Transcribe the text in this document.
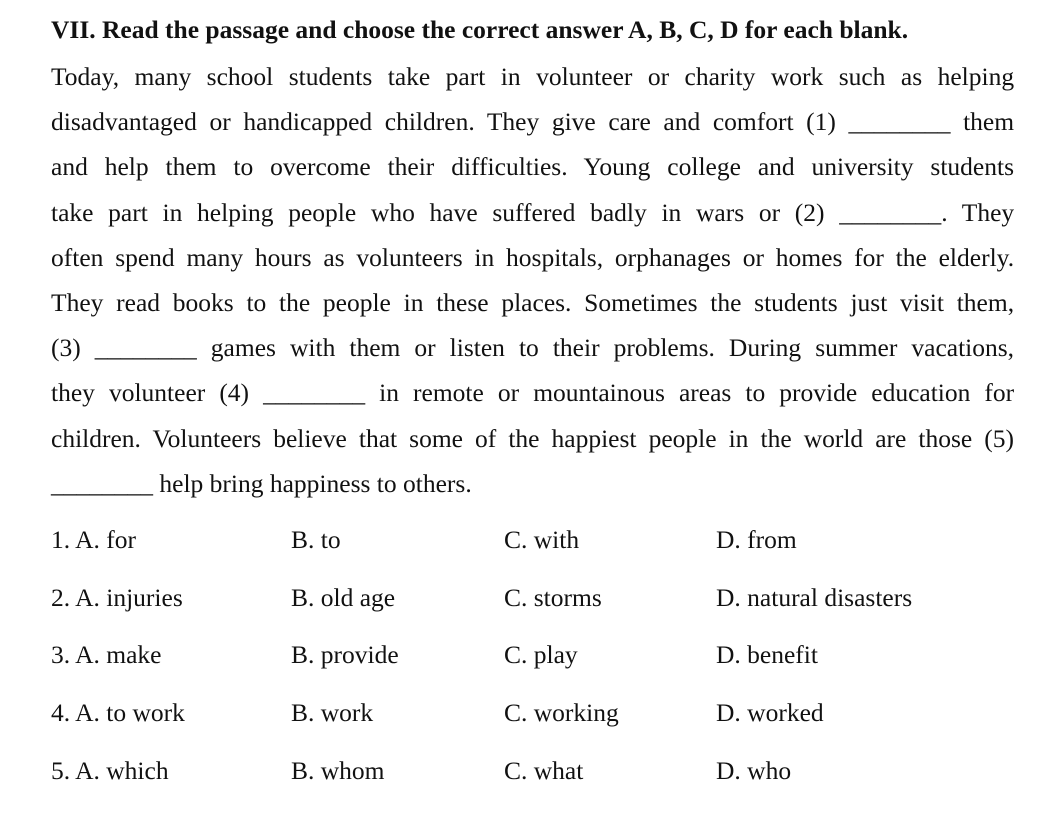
VII. Read the passage and choose the correct answer A, B, C, D for each blank.

Today, many school students take part in volunteer or charity work such as helping
disadvantaged or handicapped children. They give care and comfort (1) ________ them
and help them to overcome their difficulties. Young college and university students
take part in helping people who have suffered badly in wars or (2) ________. They
often spend many hours as volunteers in hospitals, orphanages or homes for the elderly.
They read books to the people in these places. Sometimes the students just visit them,
(3) ________ games with them or listen to their problems. During summer vacations,
they volunteer (4) ________ in remote or mountainous areas to provide education for
children. Volunteers believe that some of the happiest people in the world are those (5)
________ help bring happiness to others.
1. A. for	B. to	C. with	D. from
2. A. injuries	B. old age	C. storms	D. natural disasters
3. A. make	B. provide	C. play	D. benefit
4. A. to work	B. work	C. working	D. worked
5. A. which	B. whom	C. what	D. who
